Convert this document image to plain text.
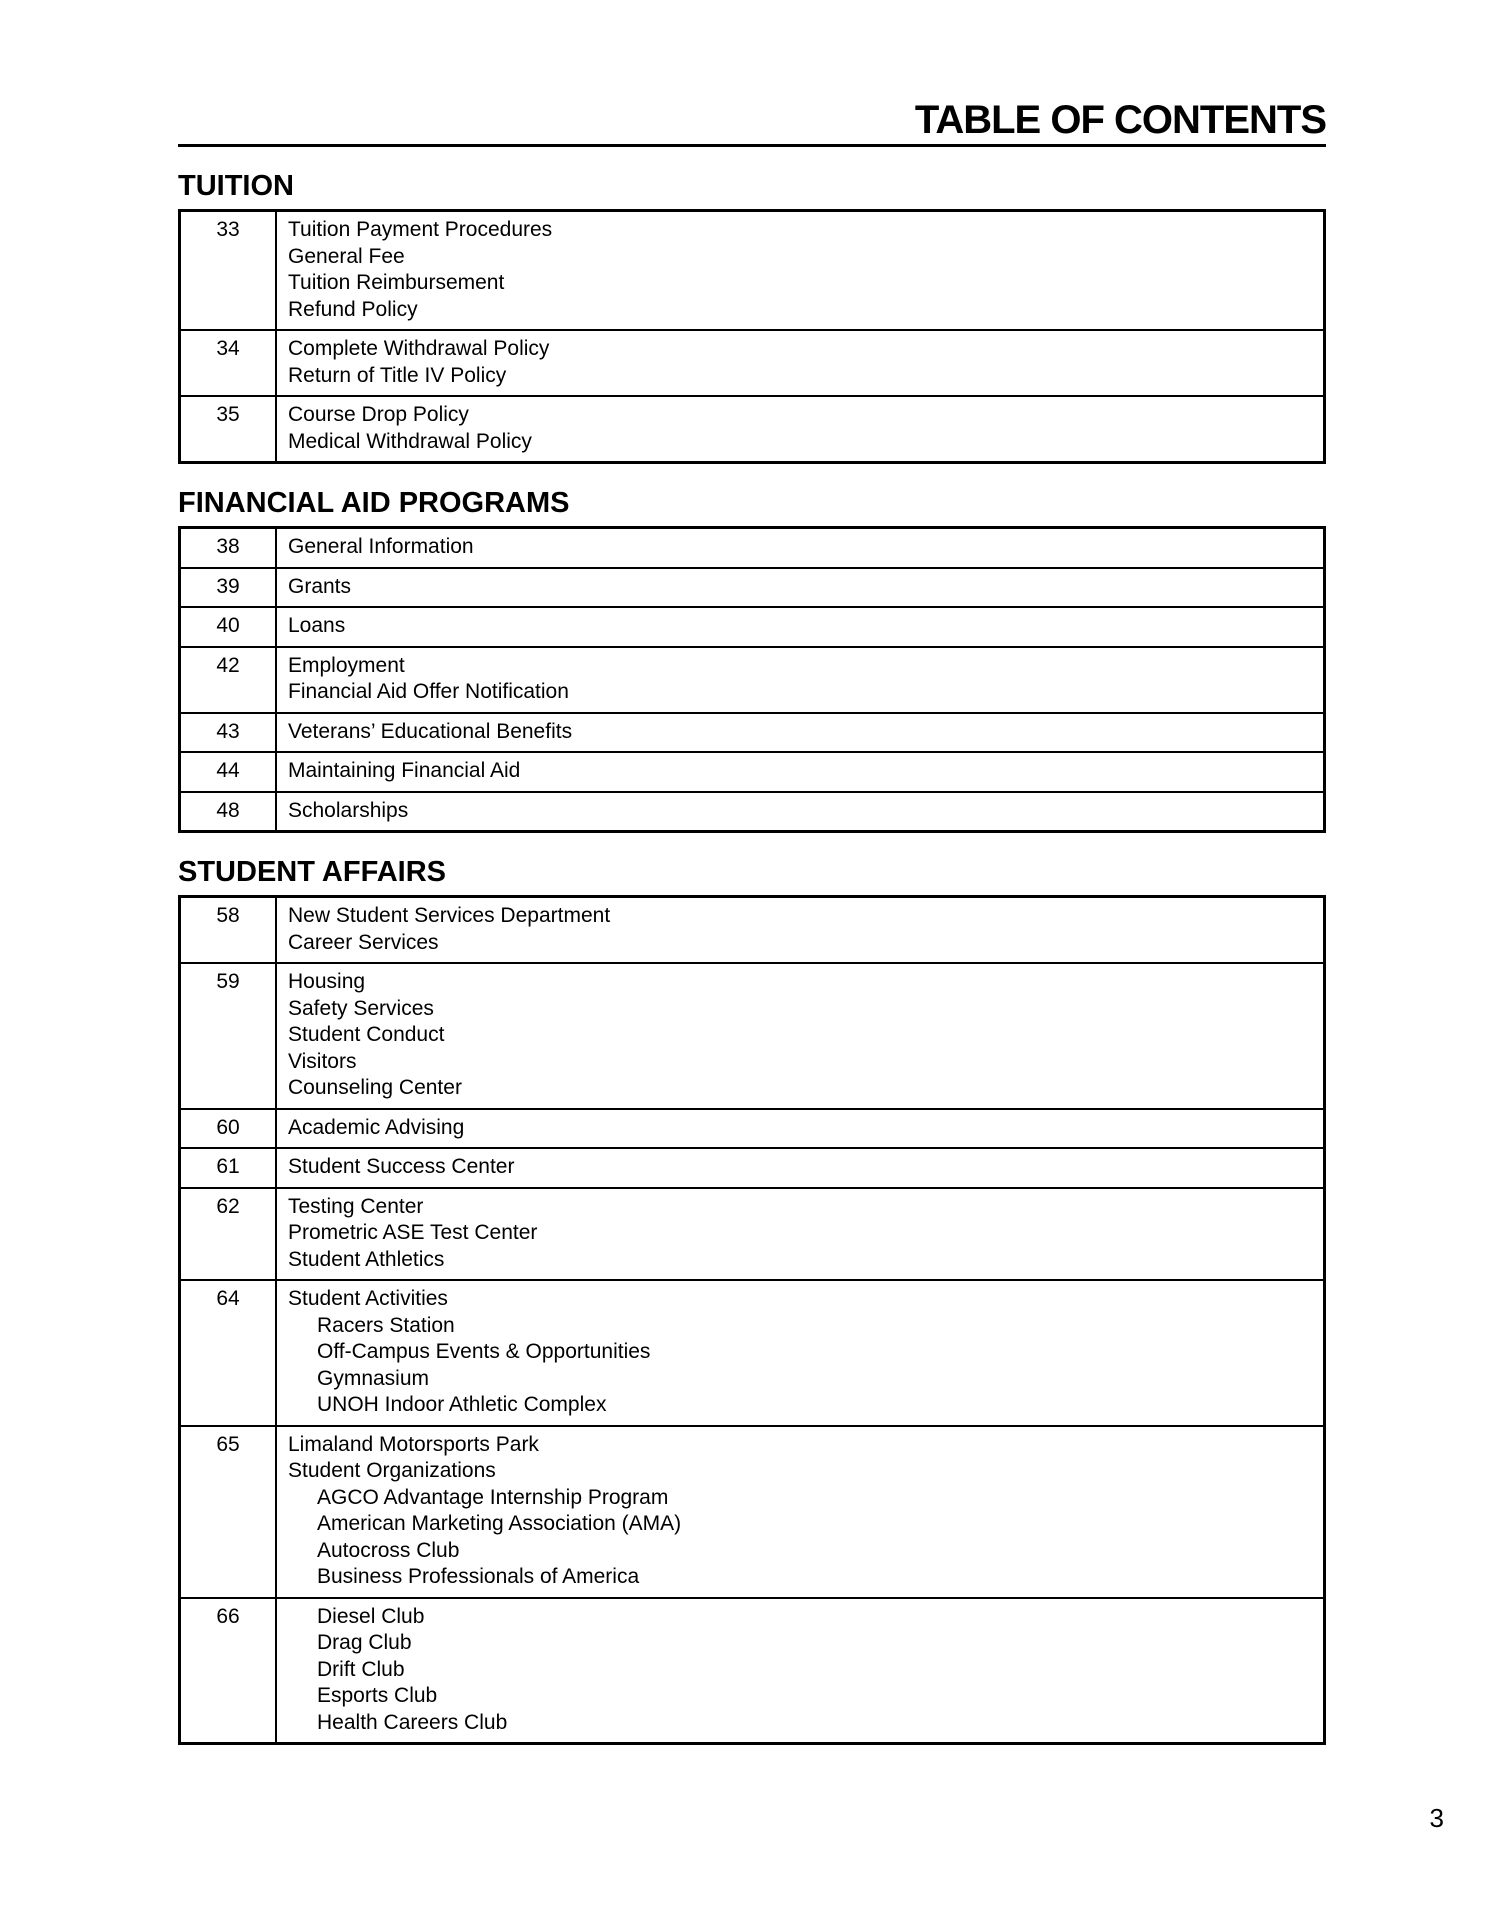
TABLE OF CONTENTS
TUITION
33	Tuition Payment Procedures
General Fee
Tuition Reimbursement
Refund Policy

34	Complete Withdrawal Policy
Return of Title IV Policy

35	Course Drop Policy
Medical Withdrawal Policy
FINANCIAL AID PROGRAMS
38	General Information

39	Grants

40	Loans

42	Employment
Financial Aid Offer Notification

43	Veterans’ Educational Benefits

44	Maintaining Financial Aid

48	Scholarships
STUDENT AFFAIRS
58	New Student Services Department
Career Services

59	Housing
Safety Services
Student Conduct
Visitors
Counseling Center

60	Academic Advising

61	Student Success Center

62	Testing Center
Prometric ASE Test Center
Student Athletics

64	Student Activities
Racers Station
Off-Campus Events & Opportunities
Gymnasium
UNOH Indoor Athletic Complex

65	Limaland Motorsports Park
Student Organizations
AGCO Advantage Internship Program
American Marketing Association (AMA)
Autocross Club
Business Professionals of America

66	Diesel Club
Drag Club
Drift Club
Esports Club
Health Careers Club
3
